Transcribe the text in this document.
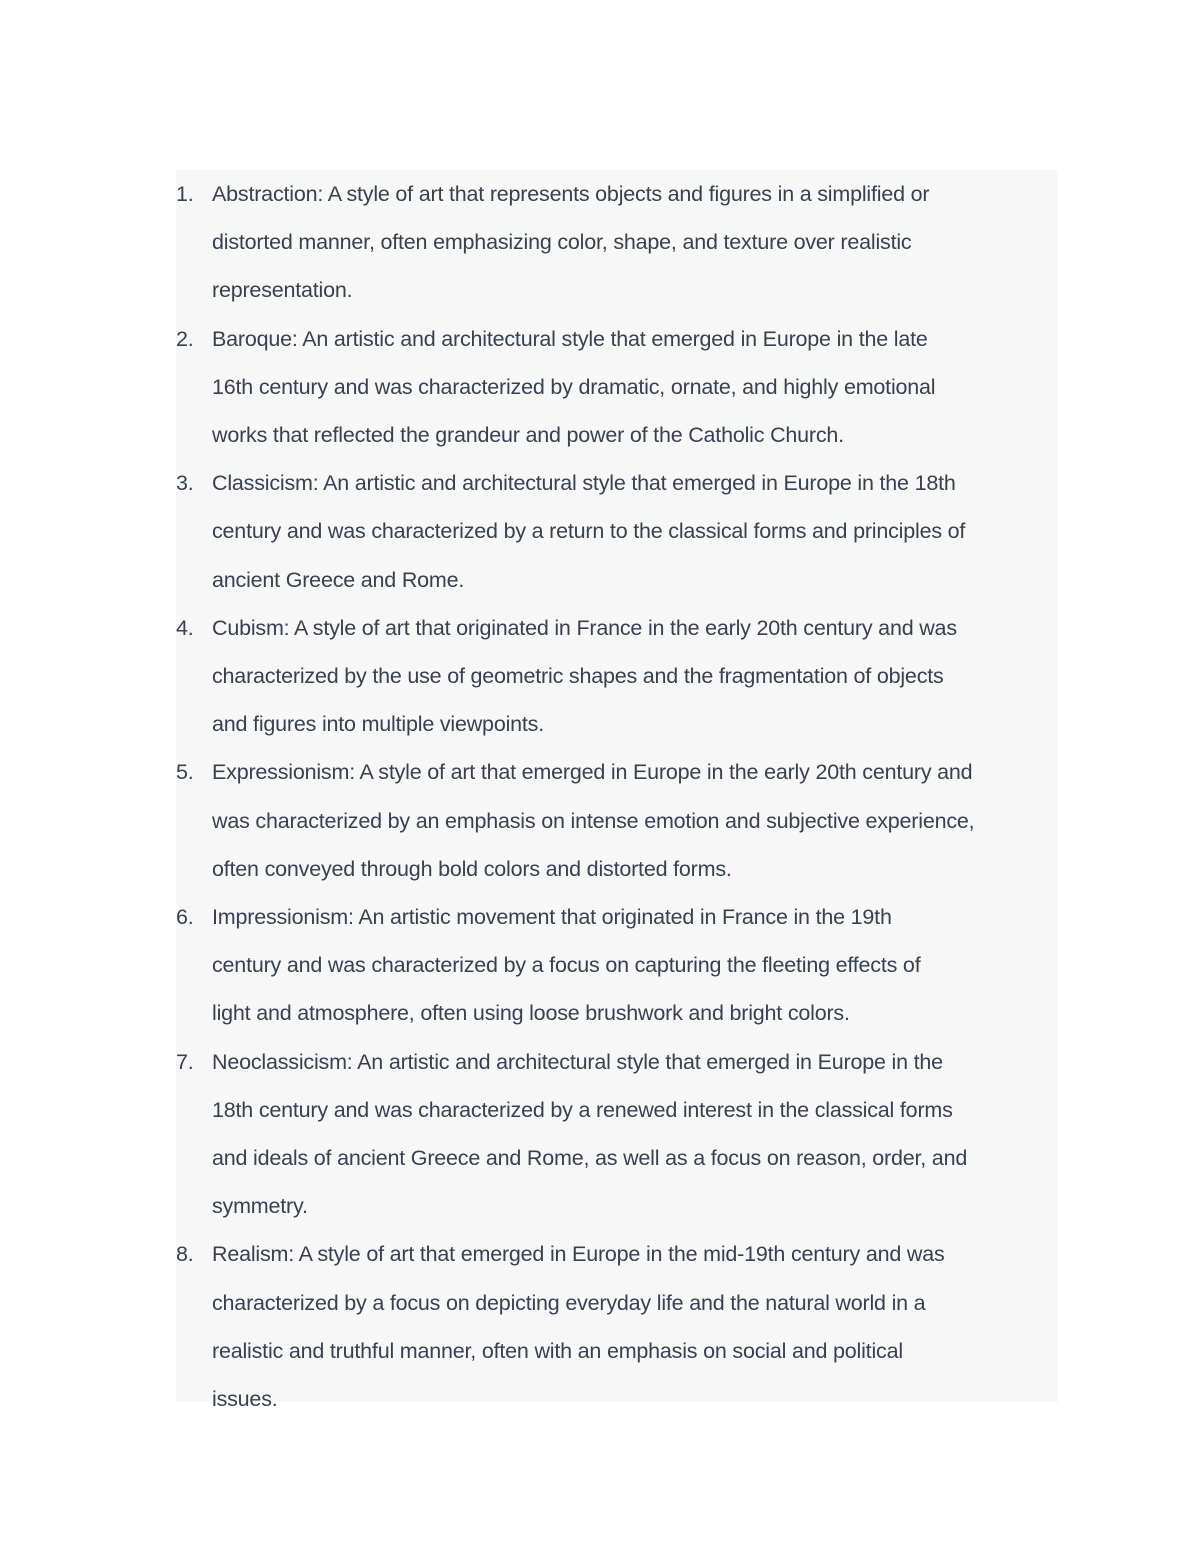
1. Abstraction: A style of art that represents objects and figures in a simplified or
distorted manner, often emphasizing color, shape, and texture over realistic
representation.
2. Baroque: An artistic and architectural style that emerged in Europe in the late
16th century and was characterized by dramatic, ornate, and highly emotional
works that reflected the grandeur and power of the Catholic Church.
3. Classicism: An artistic and architectural style that emerged in Europe in the 18th
century and was characterized by a return to the classical forms and principles of
ancient Greece and Rome.
4. Cubism: A style of art that originated in France in the early 20th century and was
characterized by the use of geometric shapes and the fragmentation of objects
and figures into multiple viewpoints.
5. Expressionism: A style of art that emerged in Europe in the early 20th century and
was characterized by an emphasis on intense emotion and subjective experience,
often conveyed through bold colors and distorted forms.
6. Impressionism: An artistic movement that originated in France in the 19th
century and was characterized by a focus on capturing the fleeting effects of
light and atmosphere, often using loose brushwork and bright colors.
7. Neoclassicism: An artistic and architectural style that emerged in Europe in the
18th century and was characterized by a renewed interest in the classical forms
and ideals of ancient Greece and Rome, as well as a focus on reason, order, and
symmetry.
8. Realism: A style of art that emerged in Europe in the mid-19th century and was
characterized by a focus on depicting everyday life and the natural world in a
realistic and truthful manner, often with an emphasis on social and political
issues.
